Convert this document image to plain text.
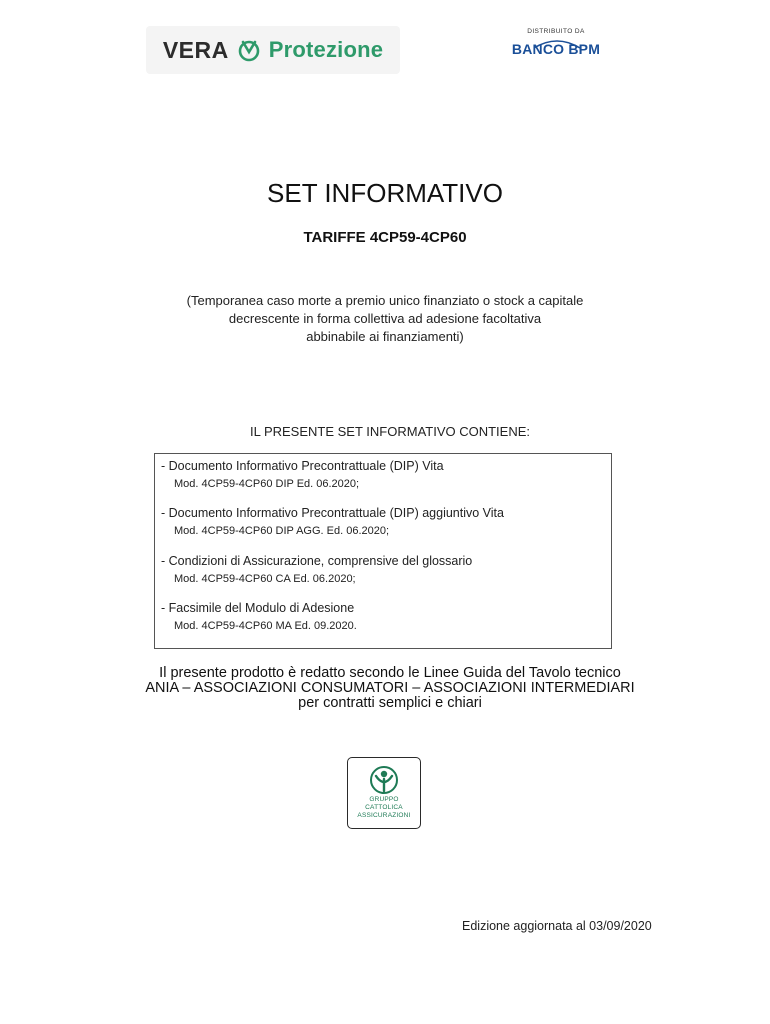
VERA Protezione
DISTRIBUITO DA
BANCO BPM
SET INFORMATIVO
TARIFFE 4CP59-4CP60
(Temporanea caso morte a premio unico finanziato o stock a capitale
decrescente in forma collettiva ad adesione facoltativa
abbinabile ai finanziamenti)
IL PRESENTE SET INFORMATIVO CONTIENE:
- Documento Informativo Precontrattuale (DIP) Vita
Mod. 4CP59-4CP60 DIP Ed. 06.2020;
- Documento Informativo Precontrattuale (DIP) aggiuntivo Vita
Mod. 4CP59-4CP60 DIP AGG. Ed. 06.2020;
- Condizioni di Assicurazione, comprensive del glossario
Mod. 4CP59-4CP60 CA Ed. 06.2020;
- Facsimile del Modulo di Adesione
Mod. 4CP59-4CP60 MA Ed. 09.2020.
Il presente prodotto è redatto secondo le Linee Guida del Tavolo tecnico
ANIA – ASSOCIAZIONI CONSUMATORI – ASSOCIAZIONI INTERMEDIARI
per contratti semplici e chiari
GRUPPO
CATTOLICA
ASSICURAZIONI
Edizione aggiornata al 03/09/2020
